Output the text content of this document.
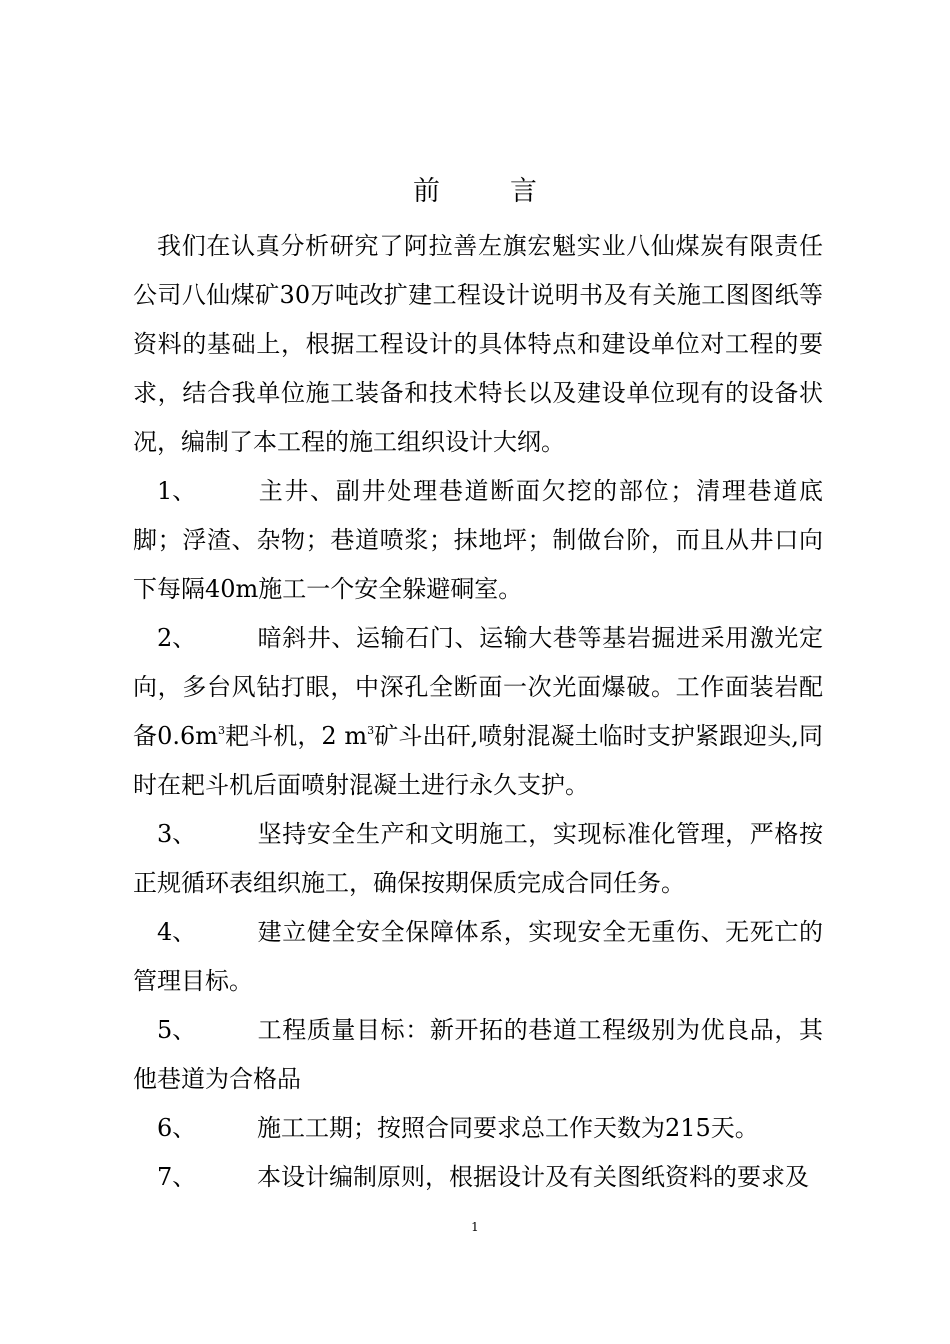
前	言

我们在认真分析研究了阿拉善左旗宏魁实业八仙煤炭有限责任公司八仙煤矿30万吨改扩建工程设计说明书及有关施工图图纸等资料的基础上，根据工程设计的具体特点和建设单位对工程的要求，结合我单位施工装备和技术特长以及建设单位现有的设备状况，编制了本工程的施工组织设计大纲。

1、	主井、副井处理巷道断面欠挖的部位；清理巷道底脚；浮渣、杂物；巷道喷浆；抹地坪；制做台阶，而且从井口向下每隔40m施工一个安全躲避硐室。

2、	暗斜井、运输石门、运输大巷等基岩掘进采用激光定向，多台风钻打眼，中深孔全断面一次光面爆破。工作面装岩配备$0.6m^3$耙斗机，2 $m^3$矿斗出矸,喷射混凝土临时支护紧跟迎头,同时在耙斗机后面喷射混凝土进行永久支护。

3、	坚持安全生产和文明施工，实现标准化管理，严格按正规循环表组织施工，确保按期保质完成合同任务。

4、	建立健全安全保障体系，实现安全无重伤、无死亡的管理目标。

5、	工程质量目标：新开拓的巷道工程级别为优良品，其他巷道为合格品

6、	施工工期；按照合同要求总工作天数为215天。

7、	本设计编制原则，根据设计及有关图纸资料的要求及

1
